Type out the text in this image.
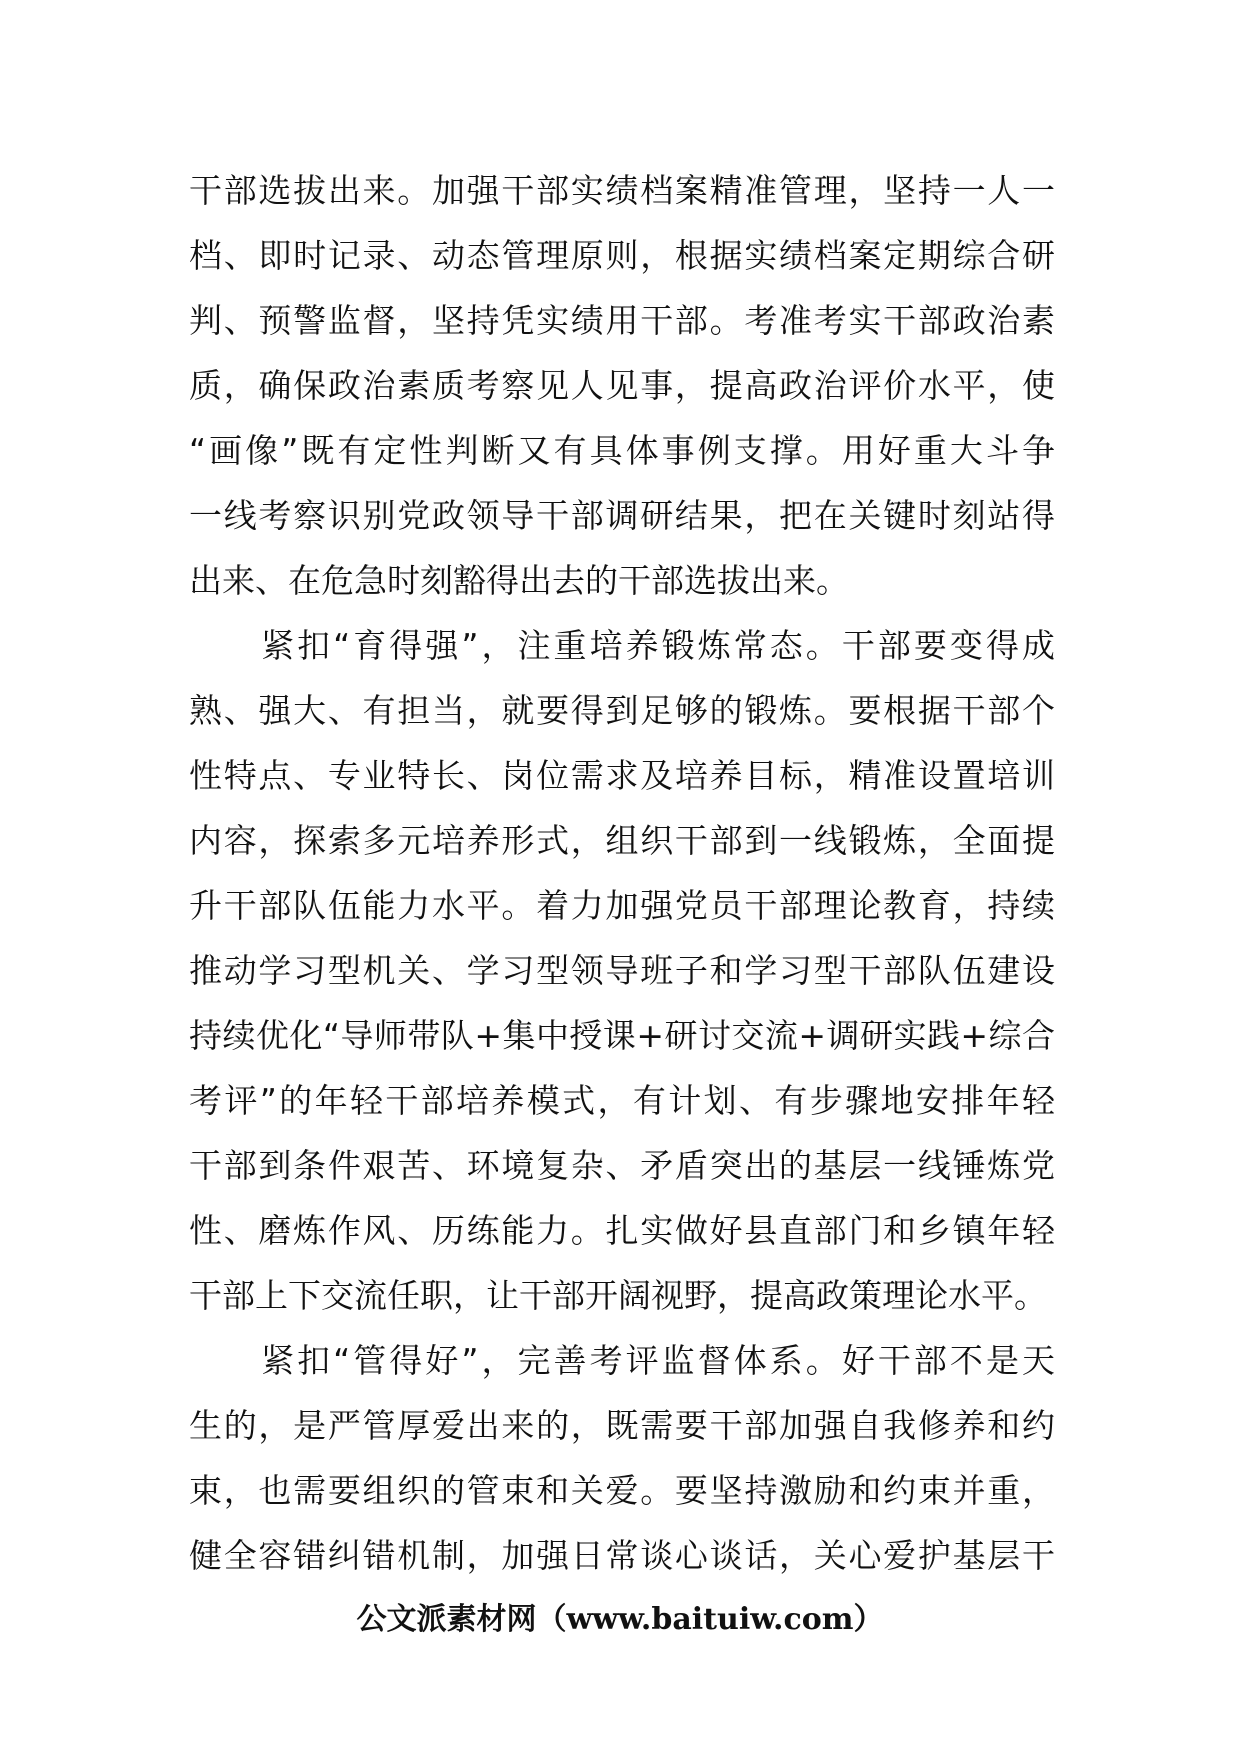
干部选拔出来。加强干部实绩档案精准管理，坚持一人一
档、即时记录、动态管理原则，根据实绩档案定期综合研
判、预警监督，坚持凭实绩用干部。考准考实干部政治素
质，确保政治素质考察见人见事，提高政治评价水平，使
“画像”既有定性判断又有具体事例支撑。用好重大斗争
一线考察识别党政领导干部调研结果，把在关键时刻站得
出来、在危急时刻豁得出去的干部选拔出来。
　　紧扣“育得强”，注重培养锻炼常态。干部要变得成
熟、强大、有担当，就要得到足够的锻炼。要根据干部个
性特点、专业特长、岗位需求及培养目标，精准设置培训
内容，探索多元培养形式，组织干部到一线锻炼，全面提
升干部队伍能力水平。着力加强党员干部理论教育，持续
推动学习型机关、学习型领导班子和学习型干部队伍建设
持续优化“导师带队+集中授课+研讨交流+调研实践+综合
考评”的年轻干部培养模式，有计划、有步骤地安排年轻
干部到条件艰苦、环境复杂、矛盾突出的基层一线锤炼党
性、磨炼作风、历练能力。扎实做好县直部门和乡镇年轻
干部上下交流任职，让干部开阔视野，提高政策理论水平。
　　紧扣“管得好”，完善考评监督体系。好干部不是天
生的，是严管厚爱出来的，既需要干部加强自我修养和约
束，也需要组织的管束和关爱。要坚持激励和约束并重，
健全容错纠错机制，加强日常谈心谈话，关心爱护基层干
公文派素材网（www.baituiw.com）
